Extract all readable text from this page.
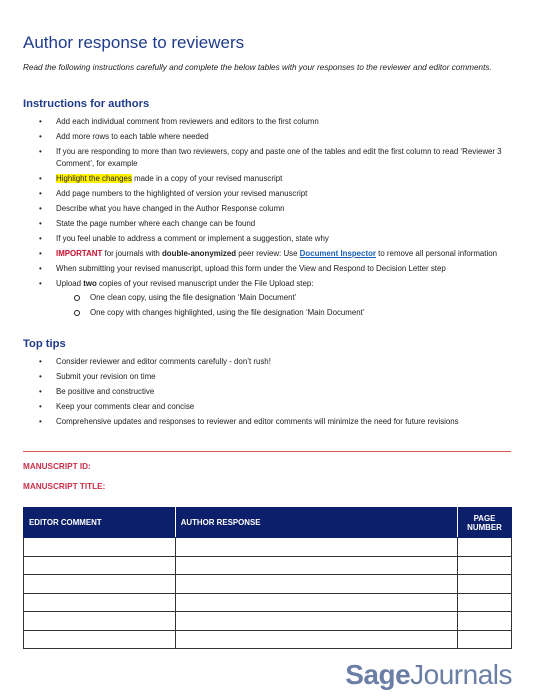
Author response to reviewers

Read the following instructions carefully and complete the below tables with your responses to the reviewer and editor comments.

Instructions for authors
• Add each individual comment from reviewers and editors to the first column
• Add more rows to each table where needed
• If you are responding to more than two reviewers, copy and paste one of the tables and edit the first column to read ‘Reviewer 3 Comment’, for example
• Highlight the changes made in a copy of your revised manuscript
• Add page numbers to the highlighted of version your revised manuscript
• Describe what you have changed in the Author Response column
• State the page number where each change can be found
• If you feel unable to address a comment or implement a suggestion, state why
• IMPORTANT for journals with double-anonymized peer review: Use Document Inspector to remove all personal information
• When submitting your revised manuscript, upload this form under the View and Respond to Decision Letter step
• Upload two copies of your revised manuscript under the File Upload step:
One clean copy, using the file designation ‘Main Document’
One copy with changes highlighted, using the file designation ‘Main Document’
Top tips
• Consider reviewer and editor comments carefully - don’t rush!
• Submit your revision on time
• Be positive and constructive
• Keep your comments clear and concise
• Comprehensive updates and responses to reviewer and editor comments will minimize the need for future revisions
MANUSCRIPT ID:
MANUSCRIPT TITLE:
EDITOR COMMENT	AUTHOR RESPONSE	PAGE NUMBER

SageJournals
